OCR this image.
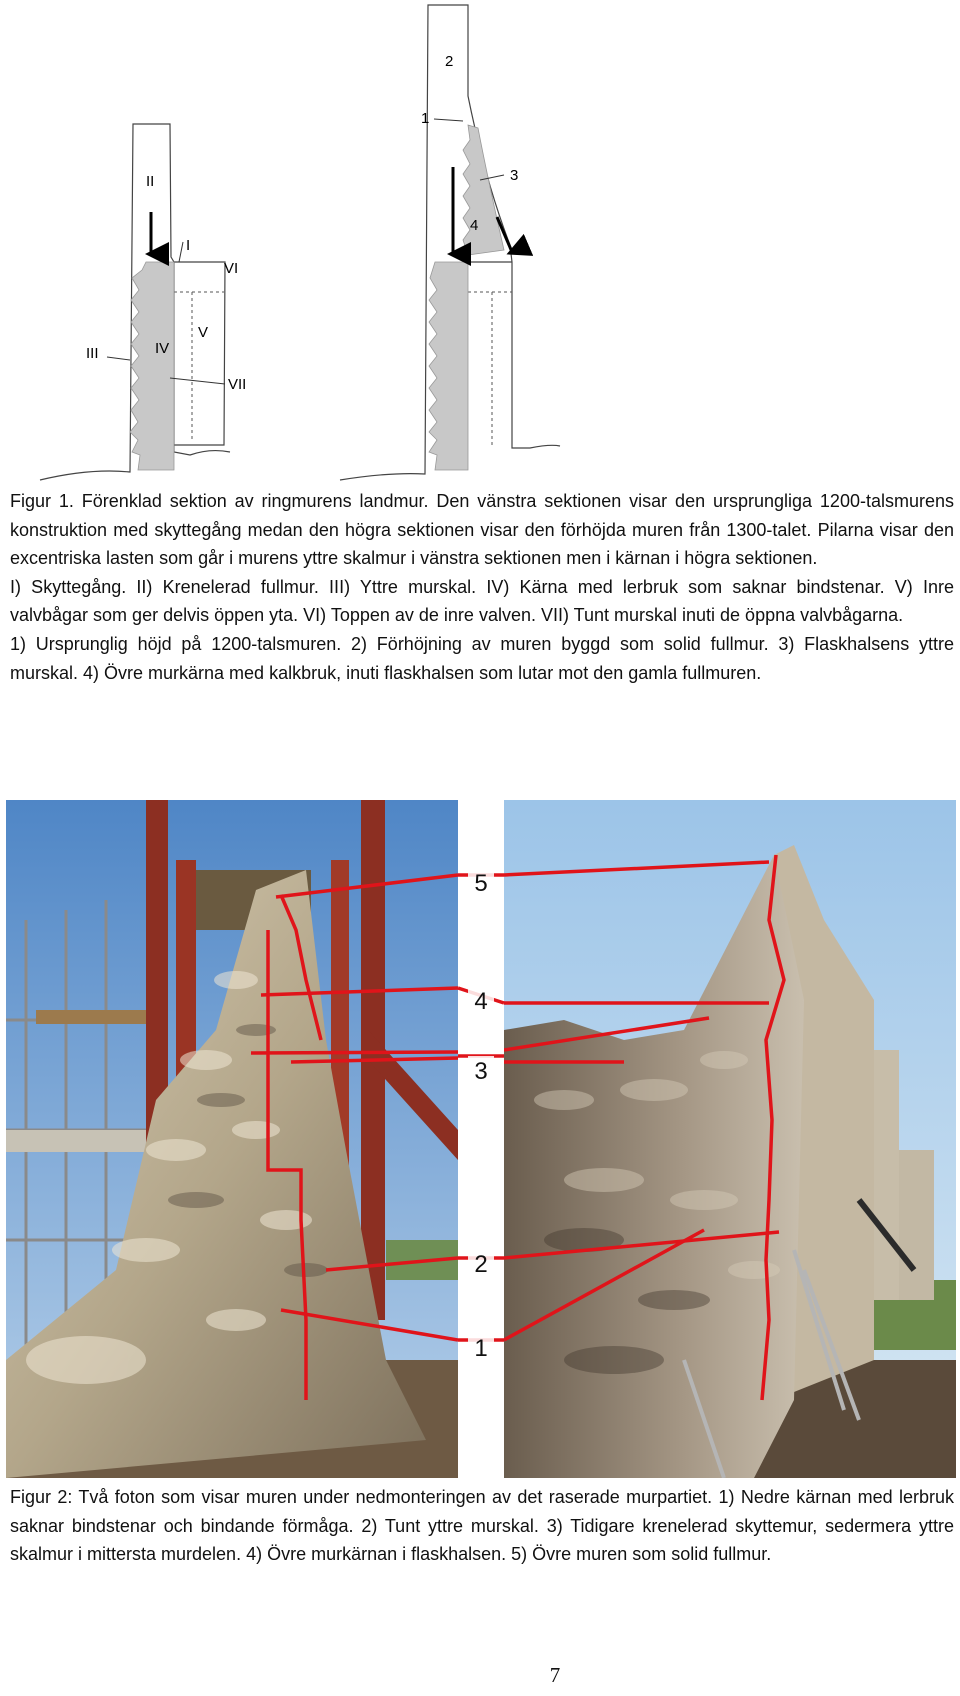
II
I
VI
V
III	IV
VII
2
1
3
4

Figur 1. Förenklad sektion av ringmurens landmur. Den vänstra sektionen visar den ursprungliga 1200-talsmurens konstruktion med skyttegång medan den högra sektionen visar den förhöjda muren från 1300-talet. Pilarna visar den excentriska lasten som går i murens yttre skalmur i vänstra sektionen men i kärnan i högra sektionen.

I) Skyttegång. II) Krenelerad fullmur. III) Yttre murskal. IV) Kärna med lerbruk som saknar bindstenar. V) Inre valvbågar som ger delvis öppen yta. VI) Toppen av de inre valven. VII) Tunt murskal inuti de öppna valvbågarna.

1) Ursprunglig höjd på 1200-talsmuren. 2) Förhöjning av muren byggd som solid fullmur. 3) Flaskhalsens yttre murskal. 4) Övre murkärna med kalkbruk, inuti flaskhalsen som lutar mot den gamla fullmuren.

5
4
3
2
1

Figur 2: Två foton som visar muren under nedmonteringen av det raserade murpartiet. 1) Nedre kärnan med lerbruk saknar bindstenar och bindande förmåga. 2) Tunt yttre murskal. 3) Tidigare krenelerad skyttemur, sedermera yttre skalmur i mittersta murdelen. 4) Övre murkärnan i flaskhalsen. 5) Övre muren som solid fullmur.

7
